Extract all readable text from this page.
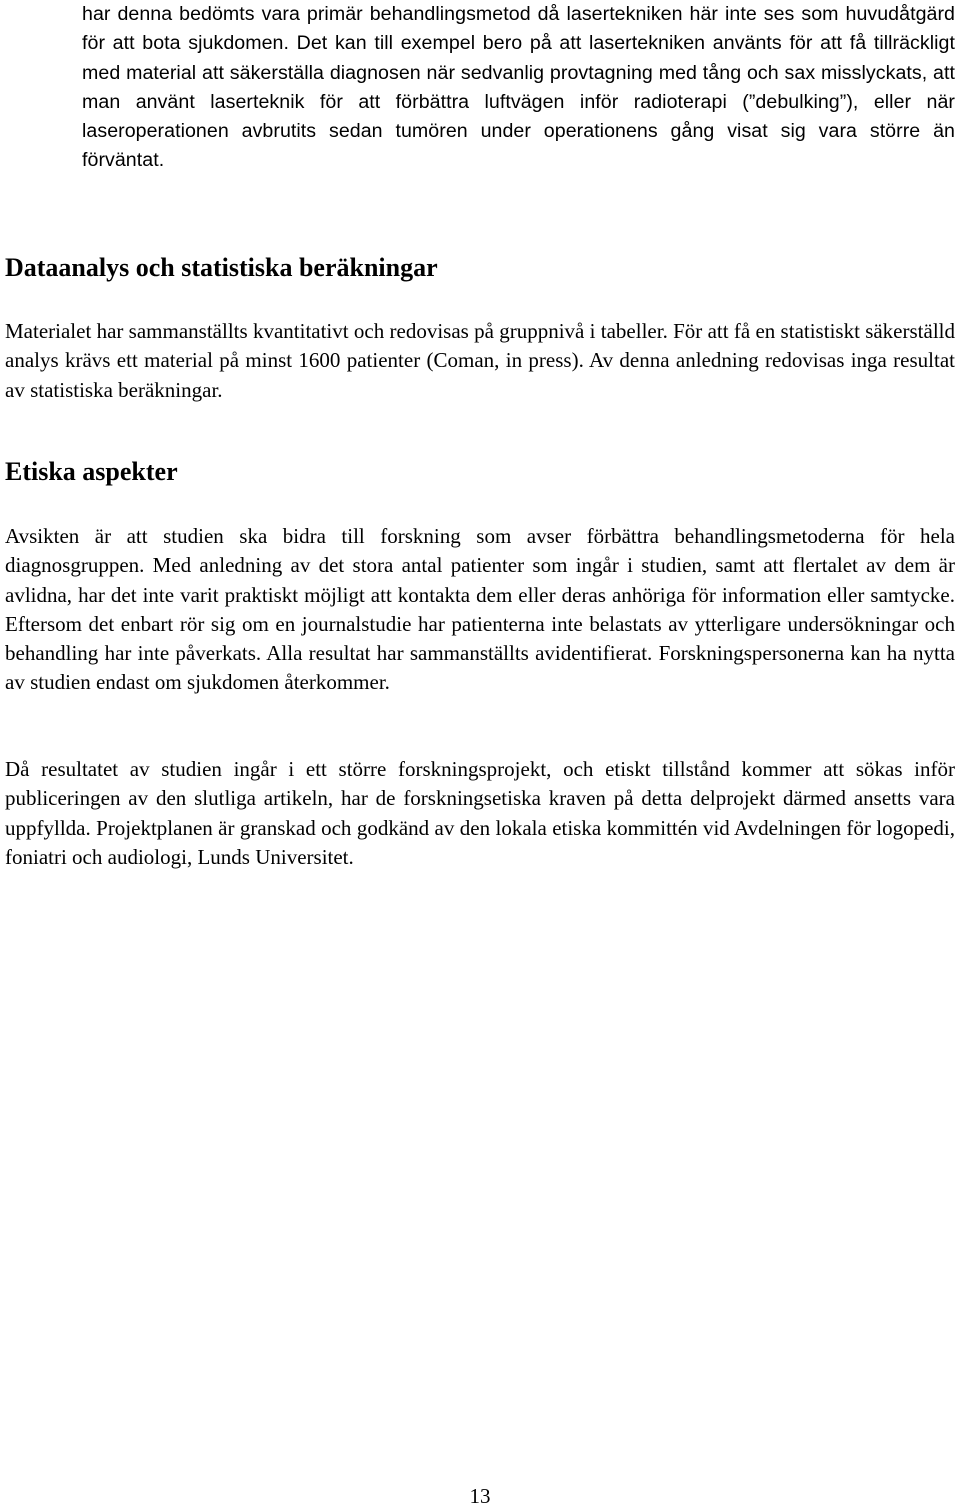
har denna bedömts vara primär behandlingsmetod då lasertekniken här inte ses som huvudåtgärd för att bota sjukdomen. Det kan till exempel bero på att lasertekniken använts för att få tillräckligt med material att säkerställa diagnosen när sedvanlig provtagning med tång och sax misslyckats, att man använt laserteknik för att förbättra luftvägen inför radioterapi (”debulking”), eller när laseroperationen avbrutits sedan tumören under operationens gång visat sig vara större än förväntat.

Dataanalys och statistiska beräkningar

Materialet har sammanställts kvantitativt och redovisas på gruppnivå i tabeller. För att få en statistiskt säkerställd analys krävs ett material på minst 1600 patienter (Coman, in press). Av denna anledning redovisas inga resultat av statistiska beräkningar.

Etiska aspekter

Avsikten är att studien ska bidra till forskning som avser förbättra behandlingsmetoderna för hela diagnosgruppen. Med anledning av det stora antal patienter som ingår i studien, samt att flertalet av dem är avlidna, har det inte varit praktiskt möjligt att kontakta dem eller deras anhöriga för information eller samtycke. Eftersom det enbart rör sig om en journalstudie har patienterna inte belastats av ytterligare undersökningar och behandling har inte påverkats. Alla resultat har sammanställts avidentifierat. Forskningspersonerna kan ha nytta av studien endast om sjukdomen återkommer.

Då resultatet av studien ingår i ett större forskningsprojekt, och etiskt tillstånd kommer att sökas inför publiceringen av den slutliga artikeln, har de forskningsetiska kraven på detta delprojekt därmed ansetts vara uppfyllda. Projektplanen är granskad och godkänd av den lokala etiska kommittén vid Avdelningen för logopedi, foniatri och audiologi, Lunds Universitet.

13
